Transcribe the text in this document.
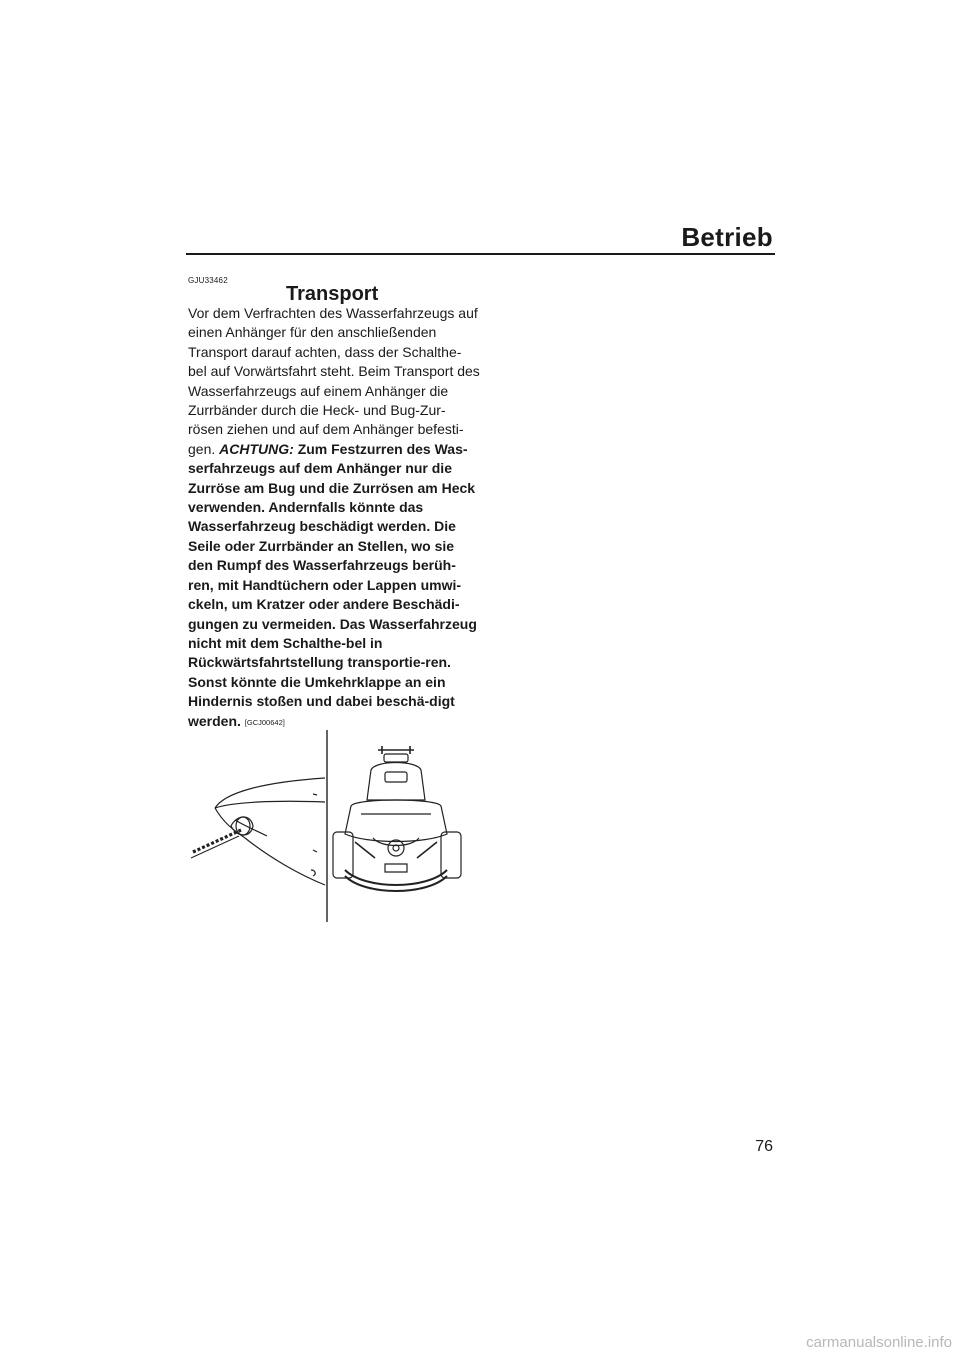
Betrieb
GJU33462
Transport
Vor dem Verfrachten des Wasserfahrzeugs auf einen Anhänger für den anschließenden Transport darauf achten, dass der Schalthe-bel auf Vorwärtsfahrt steht. Beim Transport des Wasserfahrzeugs auf einem Anhänger die Zurrbänder durch die Heck- und Bug-Zur-rösen ziehen und auf dem Anhänger befesti-gen. ACHTUNG: Zum Festzurren des Was-serfahrzeugs auf dem Anhänger nur die Zurröse am Bug und die Zurrösen am Heck verwenden. Andernfalls könnte das Wasserfahrzeug beschädigt werden. Die Seile oder Zurrbänder an Stellen, wo sie den Rumpf des Wasserfahrzeugs berüh-ren, mit Handtüchern oder Lappen umwi-ckeln, um Kratzer oder andere Beschädi-gungen zu vermeiden. Das Wasserfahrzeug nicht mit dem Schalthe-bel in Rückwärtsfahrtstellung transportie-ren. Sonst könnte die Umkehrklappe an ein Hindernis stoßen und dabei beschä-digt werden. [GCJ00642]
76
carmanualsonline.info
